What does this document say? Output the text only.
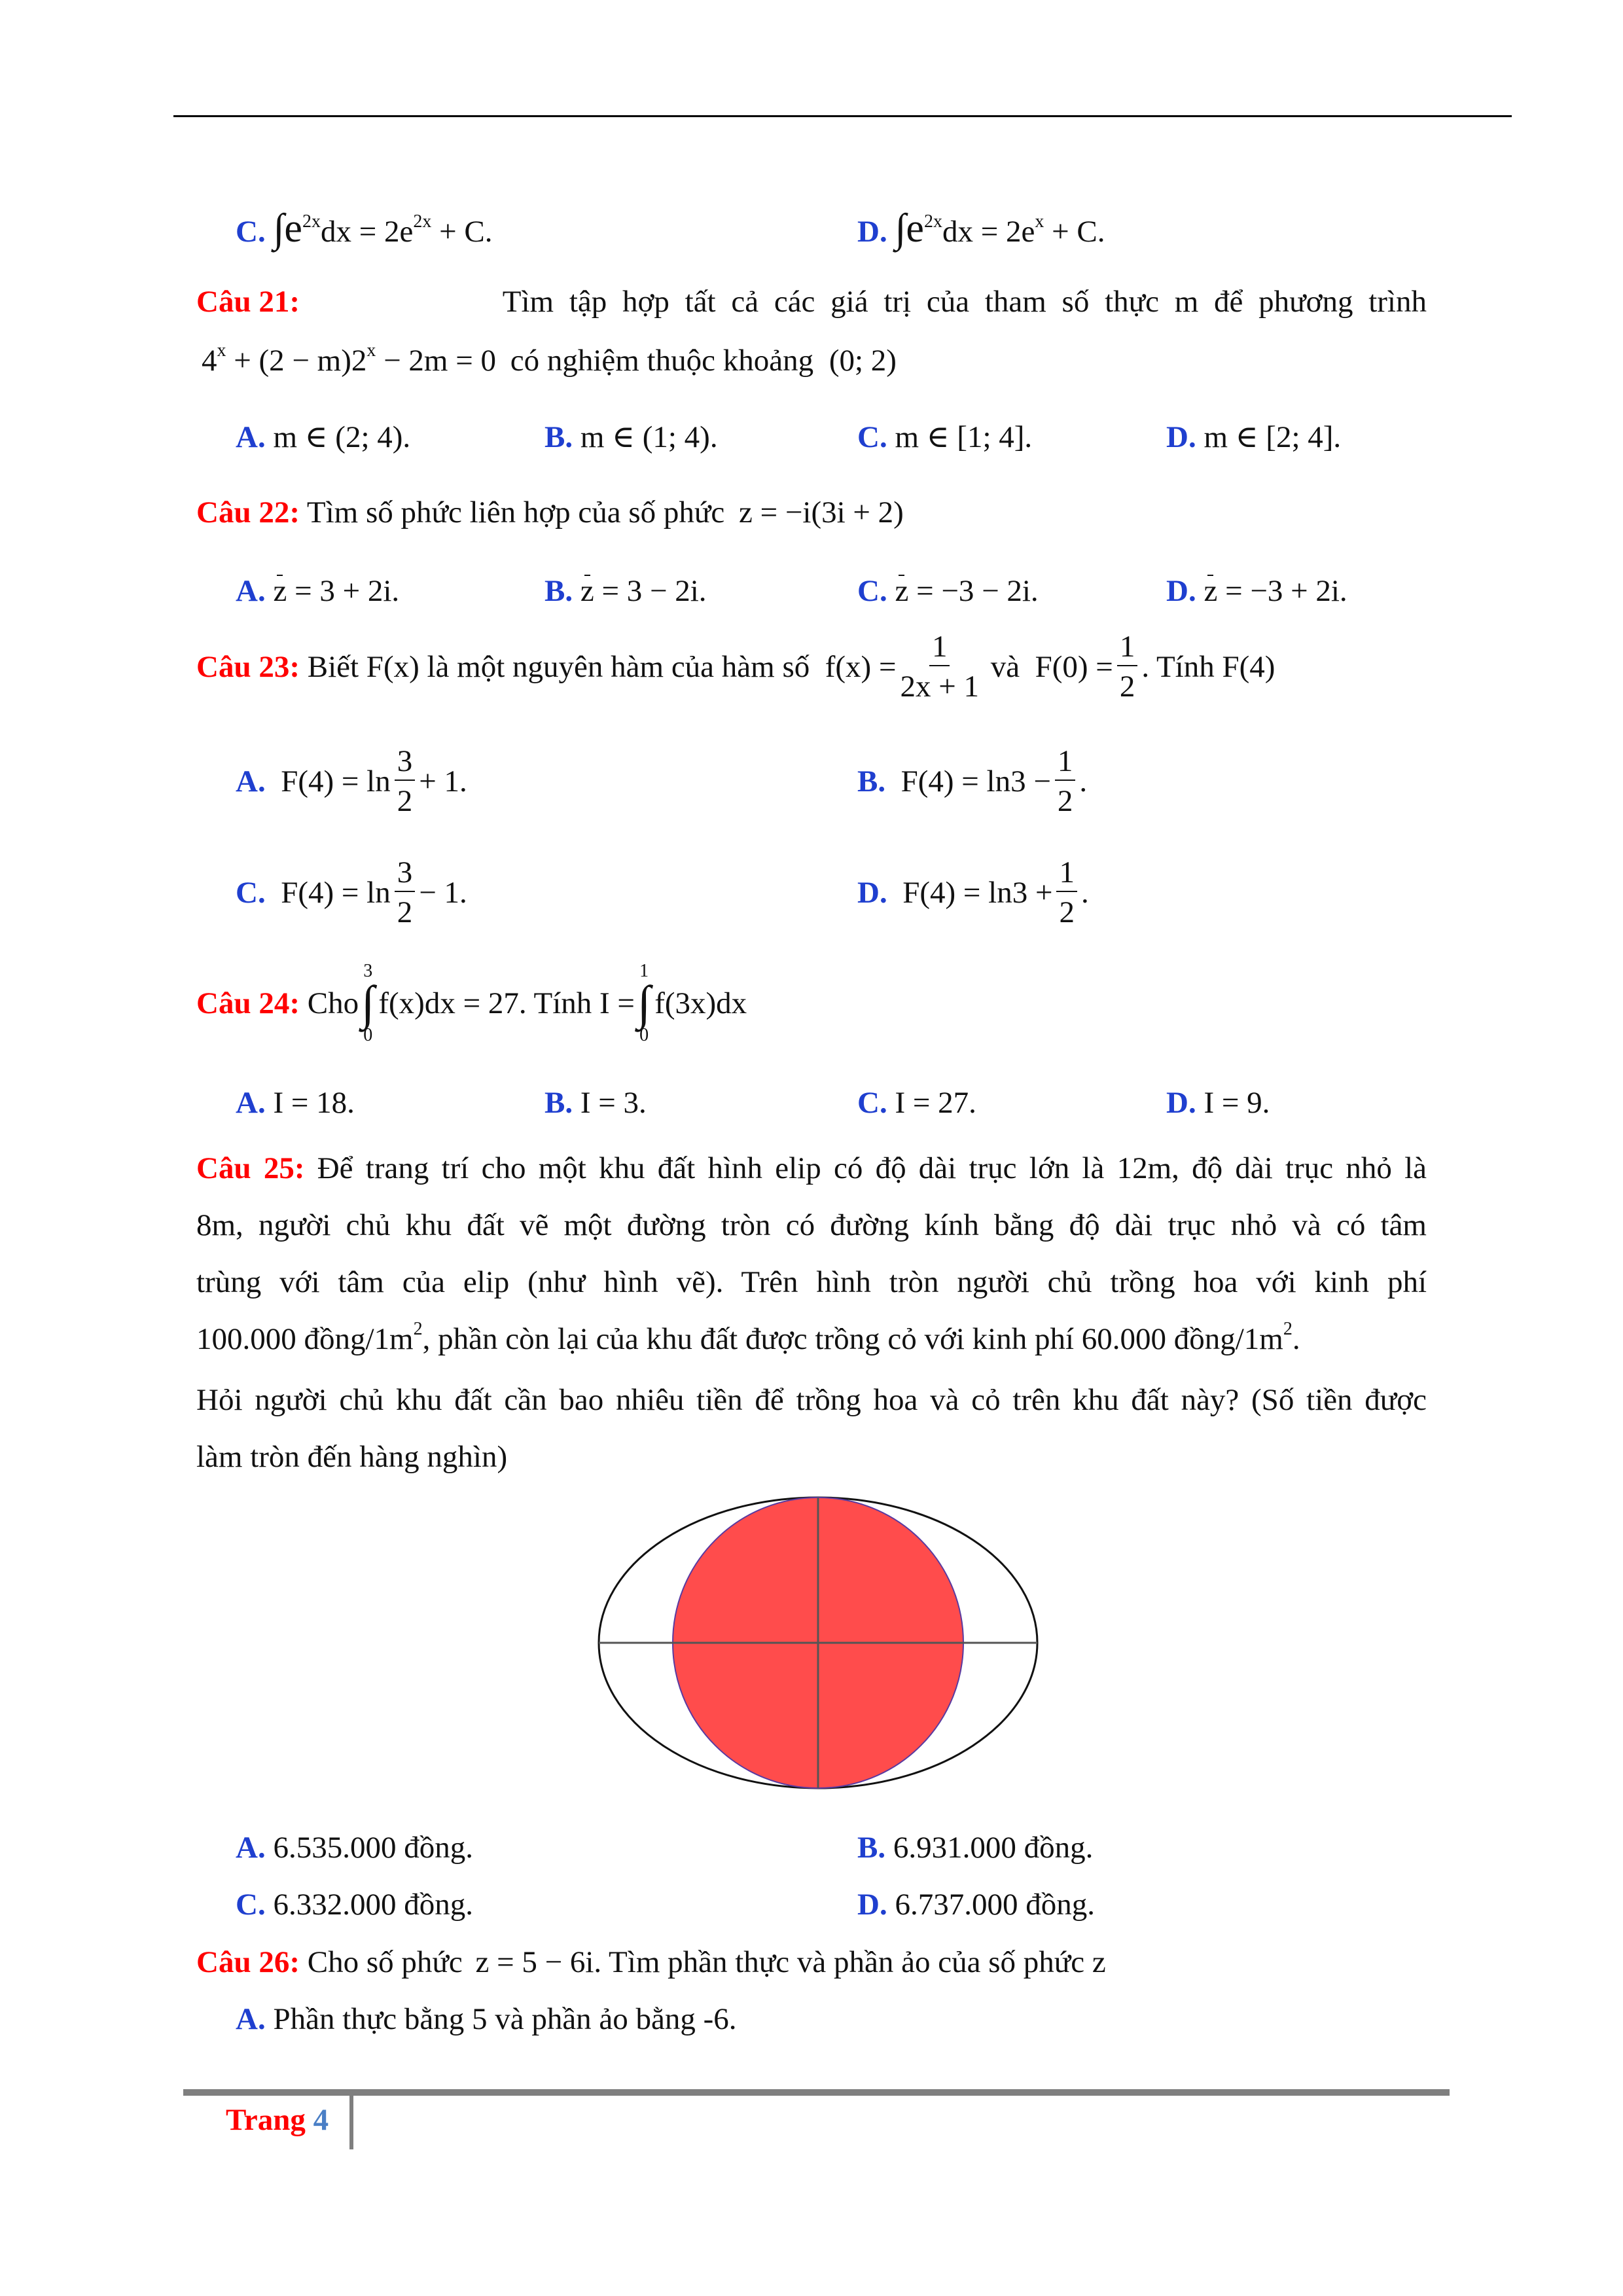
C. $\int e^{2x}dx = 2e^{2x} + C$.	D. $\int e^{2x}dx = 2e^x + C$.
Câu 21:	Tìm tập hợp tất cả các giá trị của tham số thực m để phương trình
$4^x + (2 - m)2^x - 2m = 0$ có nghiệm thuộc khoảng (0; 2)
A. m ∈ (2; 4).	B. m ∈ (1; 4).	C. m ∈ [1; 4].	D. m ∈ [2; 4].
Câu 22: Tìm số phức liên hợp của số phức z = −i(3i + 2)
A. z = 3 + 2i.	B. z = 3 − 2i.	C. z = −3 − 2i.	D. z = −3 + 2i.
Câu 23:
Biết F(x) là một nguyên hàm của hàm số
$f(x) = \frac{1}{2x + 1}$
và
$F(0) = \frac{1}{2}$ . Tính F(4)
A.
$F(4) = \ln \frac{3}{2} + 1$.	B.
$F(4) = \ln 3 - \frac{1}{2}$ .
C.
$F(4) = \ln \frac{3}{2} - 1$.	D.
$F(4) = \ln 3 + \frac{1}{2}$ .
Câu 24:
Cho
3
∫
0
f(x)dx = 27 . Tính
I =
1
∫
0
f(3x)dx
A. I = 18.	B. I = 3.	C. I = 27.	D. I = 9.
Câu 25: Để trang trí cho một khu đất hình elip có độ dài trục lớn là 12m, độ dài trục nhỏ là
8m, người chủ khu đất vẽ một đường tròn có đường kính bằng độ dài trục nhỏ và có tâm
trùng với tâm của elip (như hình vẽ). Trên hình tròn người chủ trồng hoa với kinh phí
100.000 đồng/$1m^2$, phần còn lại của khu đất được trồng cỏ với kinh phí 60.000 đồng/$1m^2$.
Hỏi người chủ khu đất cần bao nhiêu tiền để trồng hoa và cỏ trên khu đất này? (Số tiền được
làm tròn đến hàng nghìn)
A. 6.535.000 đồng.	B. 6.931.000 đồng.
C. 6.332.000 đồng.	D. 6.737.000 đồng.
Câu 26: Cho số phức z = 5 − 6i. Tìm phần thực và phần ảo của số phức z
A. Phần thực bằng 5 và phần ảo bằng -6.
Trang 4
